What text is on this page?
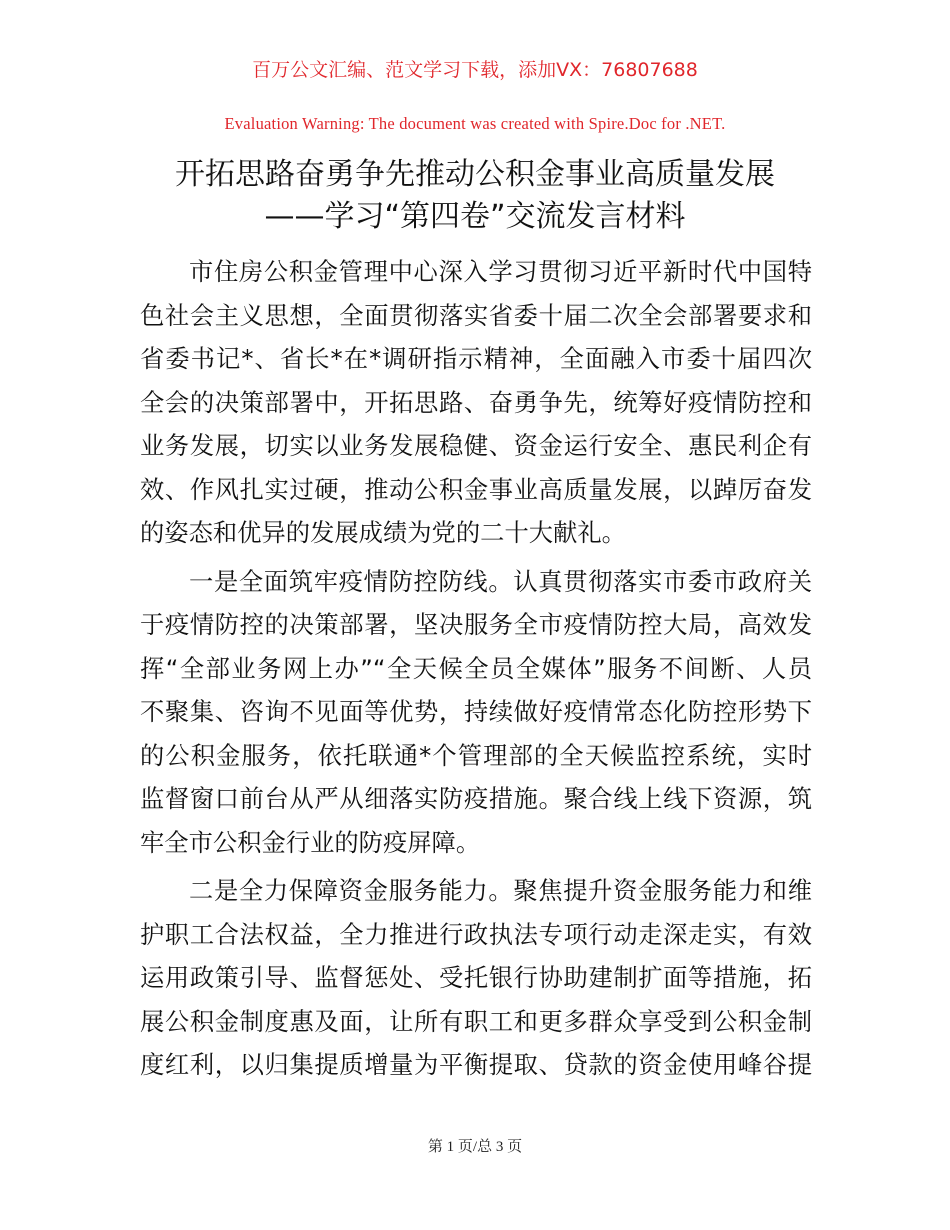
百万公文汇编、范文学习下载，添加VX：76807688
Evaluation Warning: The document was created with Spire.Doc for .NET.
开拓思路奋勇争先推动公积金事业高质量发展
——学习“第四卷”交流发言材料
市住房公积金管理中心深入学习贯彻习近平新时代中国特
色社会主义思想，全面贯彻落实省委十届二次全会部署要求和
省委书记*、省长*在*调研指示精神，全面融入市委十届四次
全会的决策部署中，开拓思路、奋勇争先，统筹好疫情防控和
业务发展，切实以业务发展稳健、资金运行安全、惠民利企有
效、作风扎实过硬，推动公积金事业高质量发展，以踔厉奋发
的姿态和优异的发展成绩为党的二十大献礼。
一是全面筑牢疫情防控防线。认真贯彻落实市委市政府关
于疫情防控的决策部署，坚决服务全市疫情防控大局，高效发
挥“全部业务网上办”“全天候全员全媒体”服务不间断、人员
不聚集、咨询不见面等优势，持续做好疫情常态化防控形势下
的公积金服务，依托联通*个管理部的全天候监控系统，实时
监督窗口前台从严从细落实防疫措施。聚合线上线下资源，筑
牢全市公积金行业的防疫屏障。
二是全力保障资金服务能力。聚焦提升资金服务能力和维
护职工合法权益，全力推进行政执法专项行动走深走实，有效
运用政策引导、监督惩处、受托银行协助建制扩面等措施，拓
展公积金制度惠及面，让所有职工和更多群众享受到公积金制
度红利，以归集提质增量为平衡提取、贷款的资金使用峰谷提
第 1 页/总 3 页
